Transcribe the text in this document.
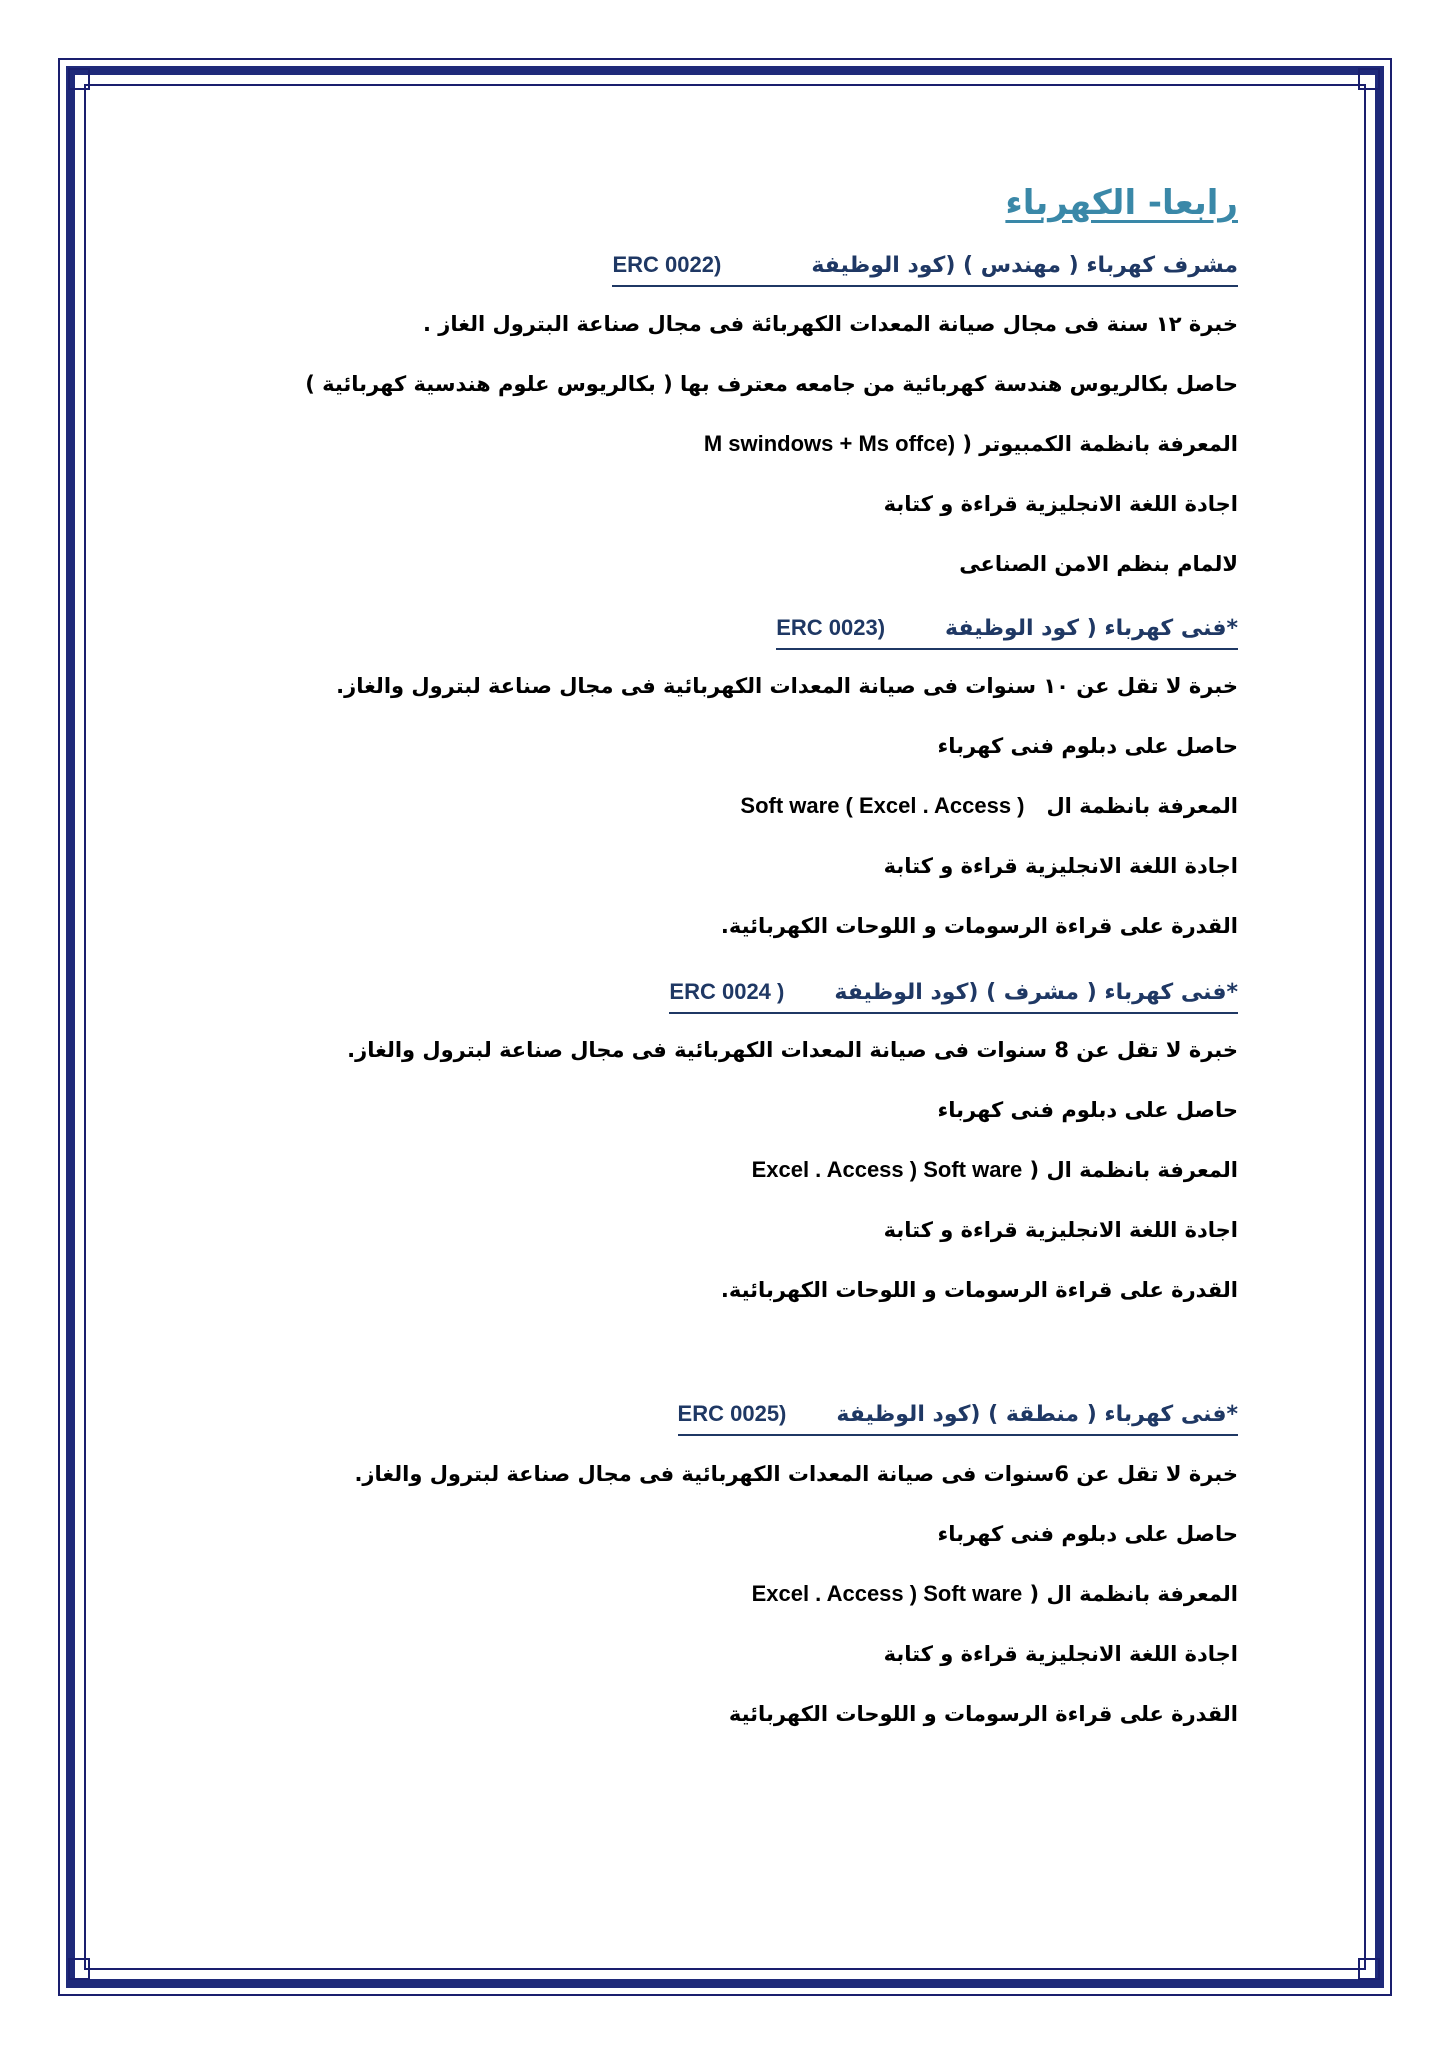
رابعا- الكهرباء
مشرف كهرباء ( مهندس ) (كود الوظيفةERC 0022)
خبرة ١٢ سنة فى مجال صيانة المعدات الكهربائة فى مجال صناعة البترول الغاز .
حاصل بكالريوس هندسة كهربائية من جامعه معترف بها ( بكالريوس علوم هندسية كهربائية )
المعرفة بانظمة الكمبيوتر ( M swindows + Ms offce)
اجادة اللغة الانجليزية قراءة و كتابة
لالمام بنظم الامن الصناعى
*فنى كهرباء ( كود الوظيفةERC 0023)
خبرة لا تقل عن ١٠ سنوات فى صيانة المعدات الكهربائية فى مجال صناعة لبترول والغاز.
حاصل على دبلوم فنى كهرباء
المعرفة بانظمة ال   Soft ware ( Excel . Access )
اجادة اللغة الانجليزية قراءة و كتابة
القدرة على قراءة الرسومات و اللوحات الكهربائية.
*فنى كهرباء ( مشرف ) (كود الوظيفةERC 0024 )
خبرة لا تقل عن 8 سنوات فى صيانة المعدات الكهربائية فى مجال صناعة لبترول والغاز.
حاصل على دبلوم فنى كهرباء
المعرفة بانظمة ال ( Excel . Access ) Soft ware
اجادة اللغة الانجليزية قراءة و كتابة
القدرة على قراءة الرسومات و اللوحات الكهربائية.
*فنى كهرباء ( منطقة ) (كود الوظيفةERC 0025)
خبرة لا تقل عن 6سنوات فى صيانة المعدات الكهربائية فى مجال صناعة لبترول والغاز.
حاصل على دبلوم فنى كهرباء
المعرفة بانظمة ال ( Excel . Access ) Soft ware
اجادة اللغة الانجليزية قراءة و كتابة
القدرة على قراءة الرسومات و اللوحات الكهربائية
